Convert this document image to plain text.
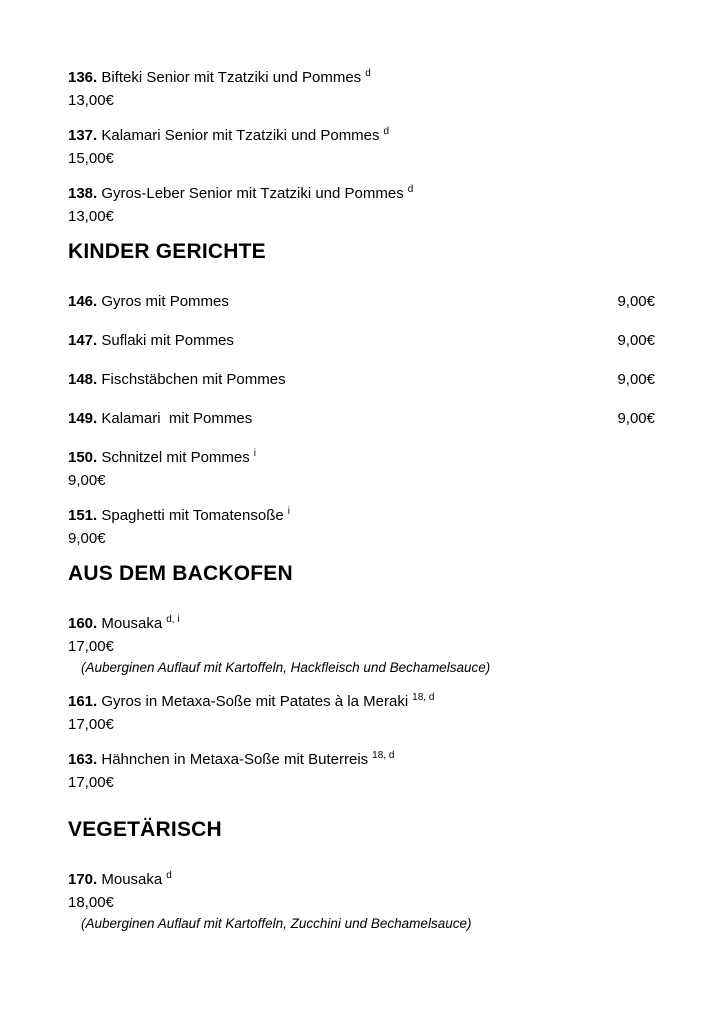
136. Bifteki Senior mit Tzatziki und Pommes $^d$

13,00€

137. Kalamari Senior mit Tzatziki und Pommes $^d$

15,00€

138. Gyros-Leber Senior mit Tzatziki und Pommes $^d$

13,00€

KINDER GERICHTE

146. Gyros mit Pommes	9,00€

147. Suflaki mit Pommes	9,00€

148. Fischstäbchen mit Pommes	9,00€

149. Kalamari  mit Pommes	9,00€

150. Schnitzel mit Pommes $^i$

9,00€

151. Spaghetti mit Tomatensoße $^i$

9,00€

AUS DEM BACKOFEN

160. Mousaka $^{d, i}$

17,00€

(Auberginen Auflauf mit Kartoffeln, Hackfleisch und Bechamelsauce)

161. Gyros in Metaxa-Soße mit Patates à la Meraki $^{18, d}$

17,00€

163. Hähnchen in Metaxa-Soße mit Buterreis $^{18, d}$

17,00€

VEGETÄRISCH

170. Mousaka $^d$

18,00€

(Auberginen Auflauf mit Kartoffeln, Zucchini und Bechamelsauce)
